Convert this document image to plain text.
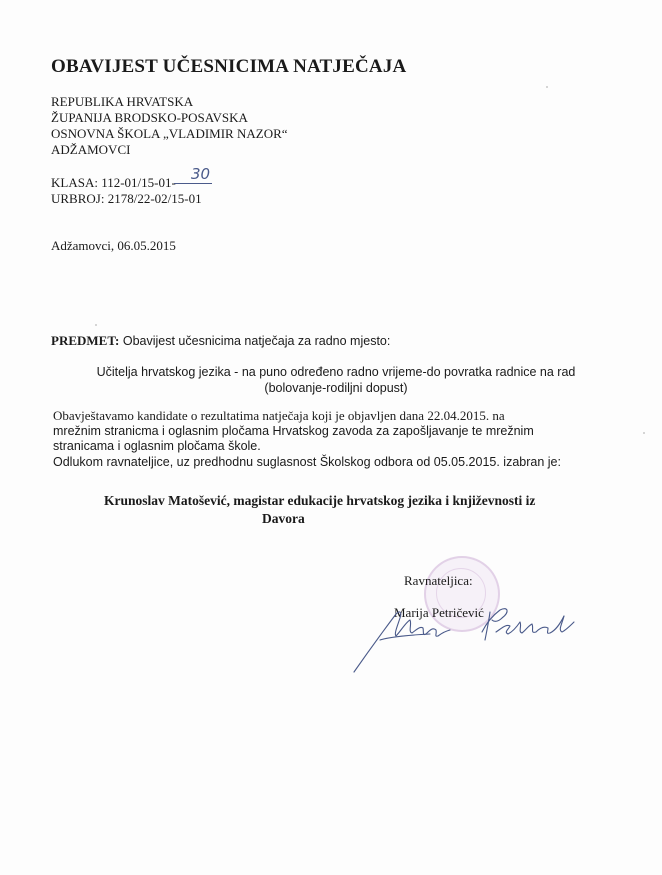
OBAVIJEST UČESNICIMA NATJEČAJA
REPUBLIKA HRVATSKA
ŽUPANIJA BRODSKO-POSAVSKA
OSNOVNA ŠKOLA „VLADIMIR NAZOR“
ADŽAMOVCI
KLASA: 112-01/15-01-
URBROJ: 2178/22-02/15-01
30
Adžamovci, 06.05.2015
PREDMET: Obavijest učesnicima natječaja za radno mjesto:
Učitelja hrvatskog jezika - na puno određeno radno vrijeme-do povratka radnice na rad
(bolovanje-rodiljni dopust)
Obavještavamo kandidate o rezultatima natječaja koji je objavljen dana 22.04.2015. na
mrežnim stranicma i oglasnim pločama Hrvatskog zavoda za zapošljavanje te mrežnim
stranicama i oglasnim pločama škole.
Odlukom ravnateljice, uz predhodnu suglasnost Školskog odbora od 05.05.2015. izabran je:
Krunoslav Matošević, magistar edukacije hrvatskog jezika i književnosti iz
Davora
Ravnateljica:
Marija Petričević
